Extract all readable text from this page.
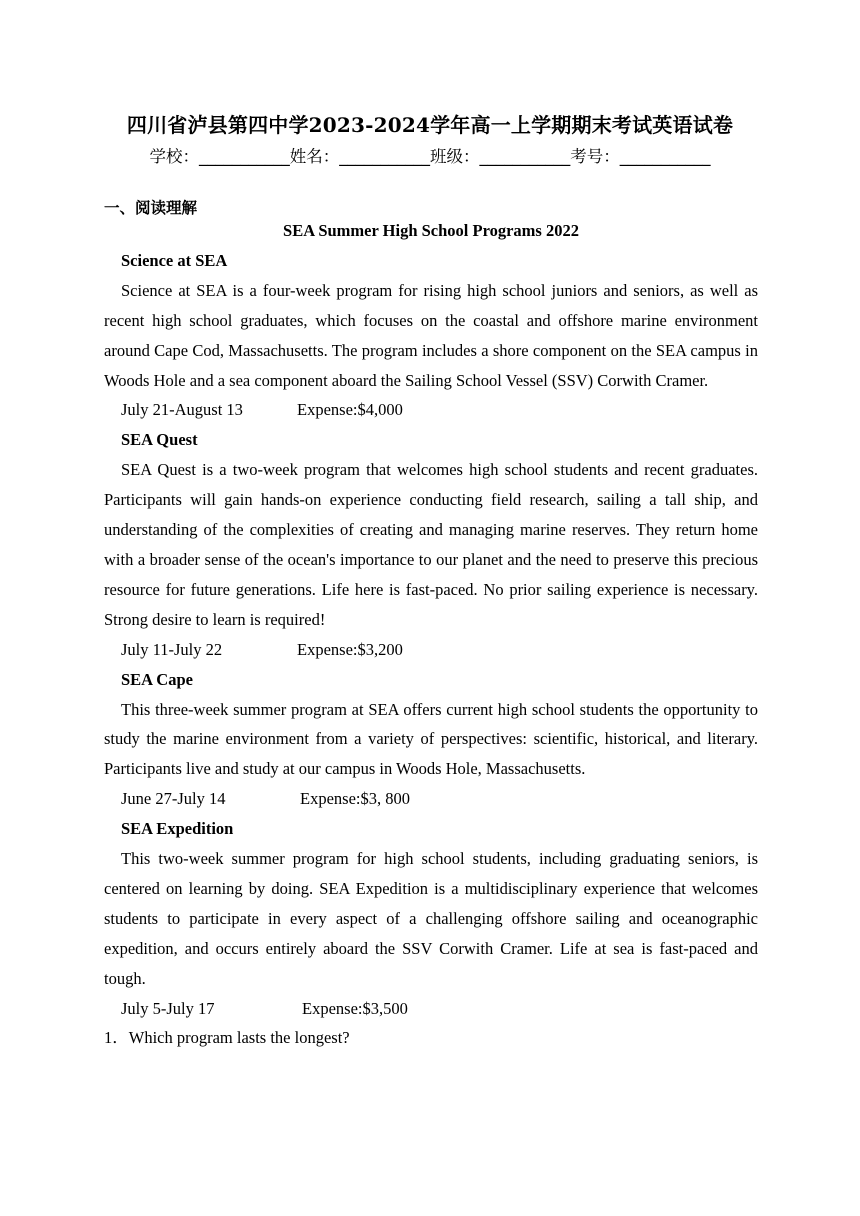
四川省泸县第四中学2023-2024学年高一上学期期末考试英语试卷
学校：___________姓名：___________班级：___________考号：___________
一、阅读理解
SEA Summer High School Programs 2022
Science at SEA

Science at SEA is a four-week program for rising high school juniors and seniors, as well as recent high school graduates, which focuses on the coastal and offshore marine environment around Cape Cod, Massachusetts. The program includes a shore component on the SEA campus in Woods Hole and a sea component aboard the Sailing School Vessel (SSV) Corwith Cramer.

July 21-August 13	Expense:$4,000
SEA Quest

SEA Quest is a two-week program that welcomes high school students and recent graduates. Participants will gain hands-on experience conducting field research, sailing a tall ship, and understanding of the complexities of creating and managing marine reserves. They return home with a broader sense of the ocean's importance to our planet and the need to preserve this precious resource for future generations. Life here is fast-paced. No prior sailing experience is necessary. Strong desire to learn is required!

July 11-July 22	Expense:$3,200
SEA Cape

This three-week summer program at SEA offers current high school students the opportunity to study the marine environment from a variety of perspectives: scientific, historical, and literary. Participants live and study at our campus in Woods Hole, Massachusetts.

June 27-July 14	Expense:$3, 800
SEA Expedition

This two-week summer program for high school students, including graduating seniors, is centered on learning by doing. SEA Expedition is a multidisciplinary experience that welcomes students to participate in every aspect of a challenging offshore sailing and oceanographic expedition, and occurs entirely aboard the SSV Corwith Cramer. Life at sea is fast-paced and tough.

July 5-July 17	Expense:$3,500

1．Which program lasts the longest?
